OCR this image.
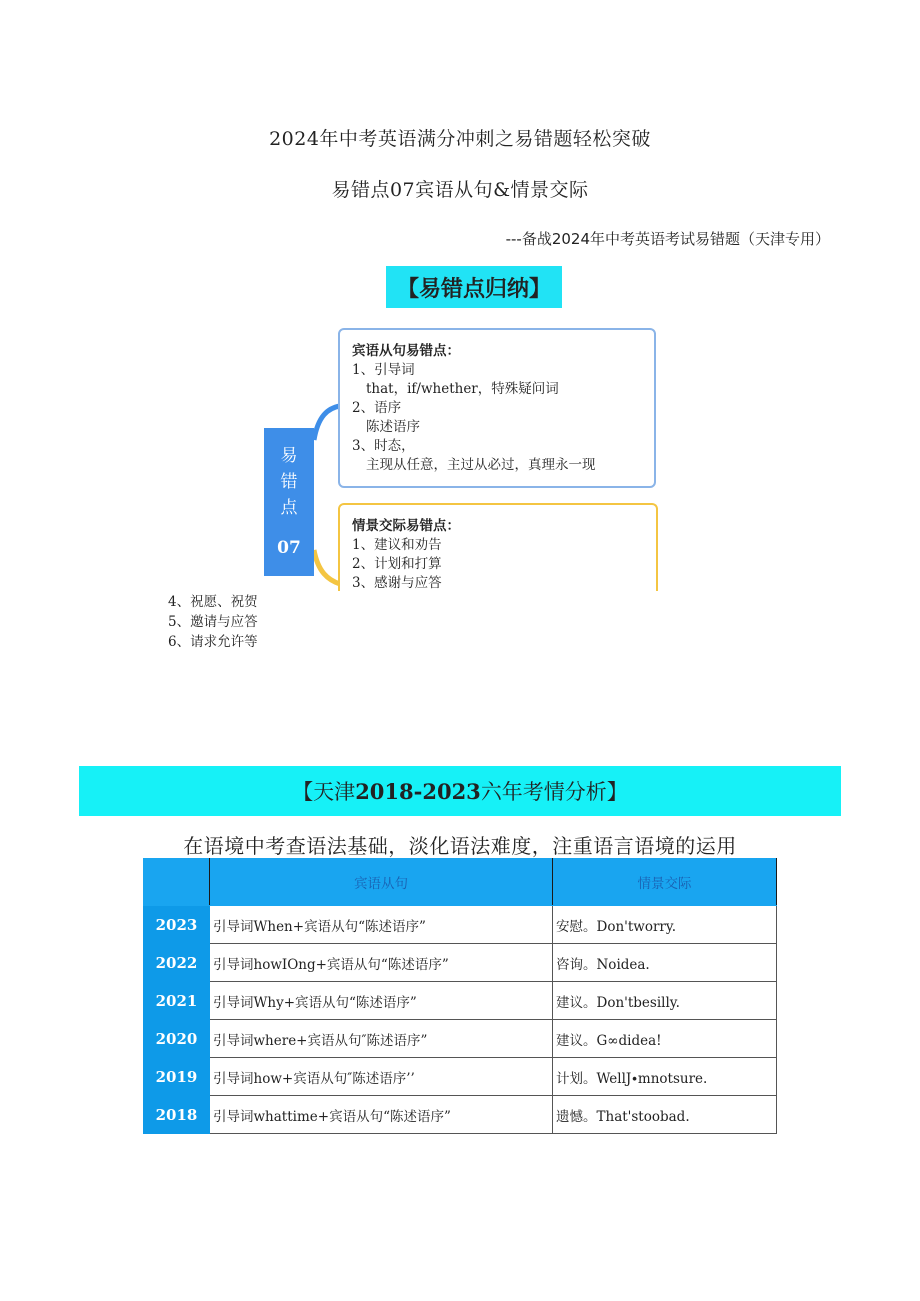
2024年中考英语满分冲刺之易错题轻松突破
易错点07宾语从句&情景交际
---备战2024年中考英语考试易错题（天津专用）
【易错点归纳】
易
错
点
07
宾语从句易错点：
1、引导词
that，if/whether，特殊疑问词
2、语序
陈述语序
3、时态，
主现从任意，主过从必过，真理永一现
情景交际易错点：
1、建议和劝告
2、计划和打算
3、感谢与应答
4、祝愿、祝贺
5、邀请与应答
6、请求允许等
【天津 2018-2023 六年考情分析】
在语境中考查语法基础，淡化语法难度，注重语言语境的运用
	宾语从句	情景交际
2023	引导词When+宾语从句“陈述语序”	安慰。Don'tworry.
2022	引导词howIOng+宾语从句“陈述语序”	咨询。Noidea.
2021	引导词Why+宾语从句“陈述语序”	建议。Don'tbesilly.
2020	引导词where+宾语从句″陈述语序”	建议。G∞didea!
2019	引导词how+宾语从句″陈述语序’’	计划。WellJ∙mnotsure.
2018	引导词whattime+宾语从句“陈述语序”	遗憾。That'stoobad.
